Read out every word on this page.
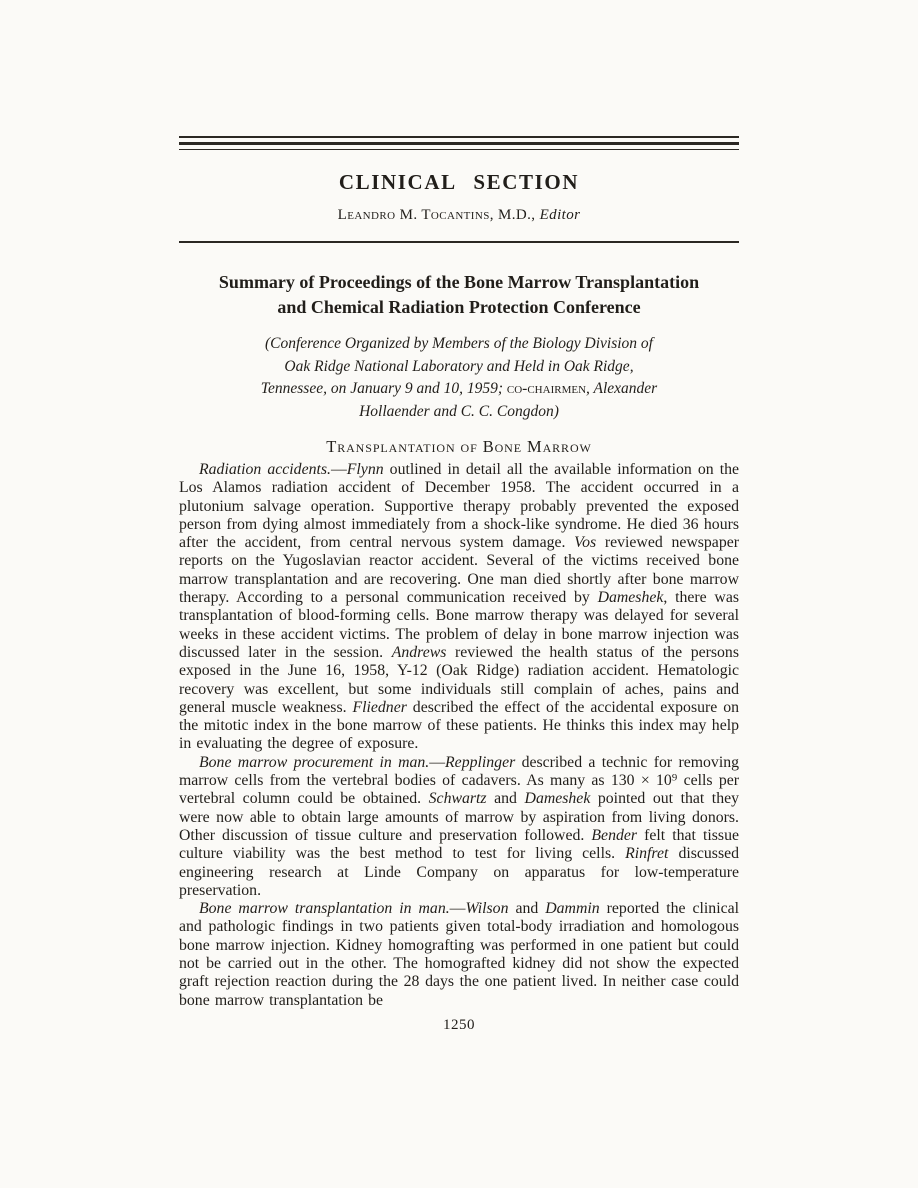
CLINICAL SECTION
Leandro M. Tocantins, M.D., Editor
Summary of Proceedings of the Bone Marrow Transplantation
and Chemical Radiation Protection Conference
(Conference Organized by Members of the Biology Division of
Oak Ridge National Laboratory and Held in Oak Ridge,
Tennessee, on January 9 and 10, 1959; co-chairmen, Alexander
Hollaender and C. C. Congdon)
Transplantation of Bone Marrow

Radiation accidents.—Flynn outlined in detail all the available information on the Los Alamos radiation accident of December 1958. The accident occurred in a plutonium salvage operation. Supportive therapy probably prevented the exposed person from dying almost immediately from a shock-like syndrome. He died 36 hours after the accident, from central nervous system damage. Vos reviewed newspaper reports on the Yugoslavian reactor accident. Several of the victims received bone marrow transplantation and are recovering. One man died shortly after bone marrow therapy. According to a personal communication received by Dameshek, there was transplantation of blood-forming cells. Bone marrow therapy was delayed for several weeks in these accident victims. The problem of delay in bone marrow injection was discussed later in the session. Andrews reviewed the health status of the persons exposed in the June 16, 1958, Y-12 (Oak Ridge) radiation accident. Hematologic recovery was excellent, but some individuals still complain of aches, pains and general muscle weakness. Fliedner described the effect of the accidental exposure on the mitotic index in the bone marrow of these patients. He thinks this index may help in evaluating the degree of exposure.

Bone marrow procurement in man.—Repplinger described a technic for removing marrow cells from the vertebral bodies of cadavers. As many as 130 × 10⁹ cells per vertebral column could be obtained. Schwartz and Dameshek pointed out that they were now able to obtain large amounts of marrow by aspiration from living donors. Other discussion of tissue culture and preservation followed. Bender felt that tissue culture viability was the best method to test for living cells. Rinfret discussed engineering research at Linde Company on apparatus for low-temperature preservation.

Bone marrow transplantation in man.—Wilson and Dammin reported the clinical and pathologic findings in two patients given total-body irradiation and homologous bone marrow injection. Kidney homografting was performed in one patient but could not be carried out in the other. The homografted kidney did not show the expected graft rejection reaction during the 28 days the one patient lived. In neither case could bone marrow transplantation be

1250
